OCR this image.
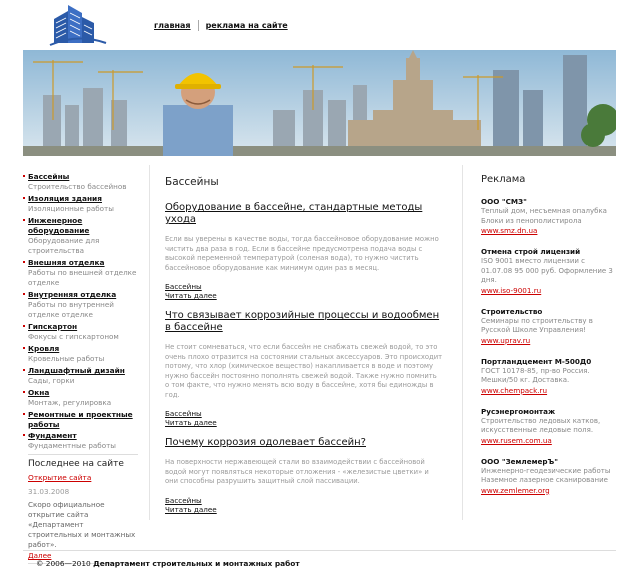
главная реклама на сайте
Бассейны
Строительство бассейнов
Изоляция здания
Изоляционные работы
Инженерное оборудование
Оборудование для строительства
Внешняя отделка
Работы по внешней отделке отделке
Внутренняя отделка
Работы по внутренней отделке отделке
Гипскартон
Фокусы с гипскартоном
Кровля
Кровельные работы
Ландшафтный дизайн
Сады, горки
Окна
Монтаж, регулировка
Ремонтные и проектные работы
Фундамент
Фундаментные работы
Последнее на сайте
Открытие сайта
31.03.2008
Скоро официальное открытие сайта «Департамент строительных и монтажных работ».
Далее
Бассейны
Оборудование в бассейне, стандартные методы ухода
Если вы уверены в качестве воды, тогда бассейновое оборудование можно чистить два раза в год. Если в бассейне предусмотрена подача воды с высокой переменной температурой (соленая вода), то нужно чистить бассейновое оборудование как минимум один раз в месяц.
Бассейны
Читать далее
Что связывает коррозийные процессы и водообмен в бассейне
Не стоит сомневаться, что если бассейн не снабжать свежей водой, то это очень плохо отразится на состоянии стальных аксессуаров. Это происходит потому, что хлор (химическое вещество) накапливается в воде и поэтому нужно бассейн постоянно пополнять свежей водой. Также нужно помнить о том факте, что нужно менять всю воду в бассейне, хотя бы единожды в год.
Бассейны
Читать далее
Почему коррозия одолевает бассейн?
На поверхности нержавеющей стали во взаимодействии с бассейновой водой могут появляться некоторые отложения - «железистые цветки» и они способны разрушить защитный слой пассивации.
Бассейны
Читать далее
Реклама
ООО "СМЗ"
Теплый дом, несъемная опалубка Блоки из пенополистирола
www.smz.dn.ua
Отмена строй лицензий
ISO 9001 вместо лицензии с 01.07.08 95 000 руб. Оформление 3 дня.
www.iso-9001.ru
Строительство
Семинары по строительству в Русской Школе Управления!
www.uprav.ru
Портландцемент М-500Д0
ГОСТ 10178-85, пр-во Россия. Мешки/50 кг. Доставка.
www.chempack.ru
Русэнергомонтаж
Строительство ледовых катков, искусственные ледовые поля.
www.rusem.com.ua
ООО "ЗемлемерЪ"
Инженерно-геодезические работы Наземное лазерное сканирование
www.zemlemer.org
© 2006—2010 Департамент строительных и монтажных работ
